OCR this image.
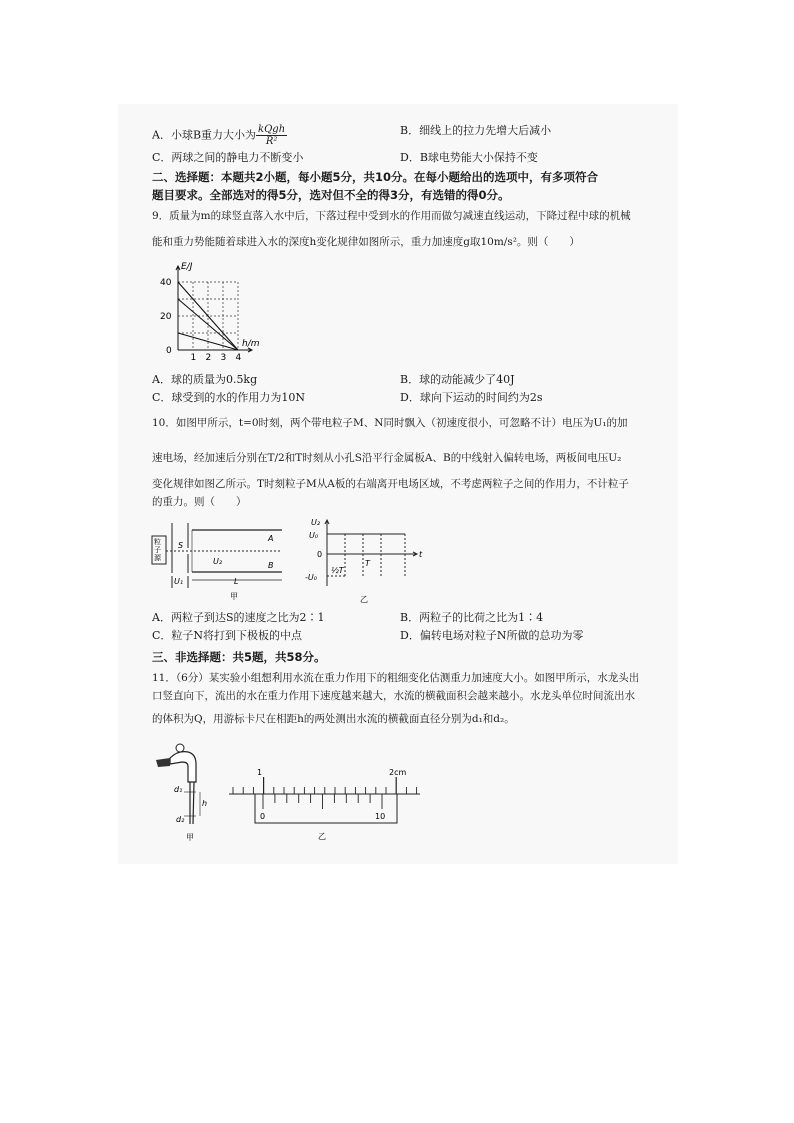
A．小球B重力大小为 kQgh
R²
B．细线上的拉力先增大后减小
C．两球之间的静电力不断变小	D．B球电势能大小保持不变
二、选择题：本题共2小题，每小题5分，共10分。在每小题给出的选项中，有多项符合
题目要求。全部选对的得5分，选对但不全的得3分，有选错的得0分。
9．质量为m的球竖直落入水中后，下落过程中受到水的作用而做匀减速直线运动，下降过程中球的机械
能和重力势能随着球进入水的深度h变化规律如图所示，重力加速度g取10m/s²。则（　　）
E/J
h/m
40
20
0
1 2 3 4
A．球的质量为0.5kg	B．球的动能减少了40J
C．球受到的水的作用力为10N	D．球向下运动的时间约为2s
10．如图甲所示，t=0时刻，两个带电粒子M、N同时飘入（初速度很小，可忽略不计）电压为U₁的加
速电场，经加速后分别在T/2和T时刻从小孔S沿平行金属板A、B的中线射入偏转电场，两板间电压U₂
变化规律如图乙所示。T时刻粒子M从A板的右端离开电场区域，不考虑两粒子之间的作用力，不计粒子
的重力。则（　　）
粒
子
源
S
A
B
U₂
U₁	L
甲
U₂
U₀
0
-U₀
t
½T
T
乙
A．两粒子到达S的速度之比为2∶1	B．两粒子的比荷之比为1∶4
C．粒子N将打到下极板的中点	D．偏转电场对粒子N所做的总功为零
三、非选择题：共5题，共58分。
11．（6分）某实验小组想利用水流在重力作用下的粗细变化估测重力加速度大小。如图甲所示，水龙头出
口竖直向下，流出的水在重力作用下速度越来越大，水流的横截面积会越来越小。水龙头单位时间流出水
的体积为Q，用游标卡尺在相距h的两处测出水流的横截面直径分别为d₁和d₂。
d₁
h
d₂
甲
1	2cm
0	10
乙
